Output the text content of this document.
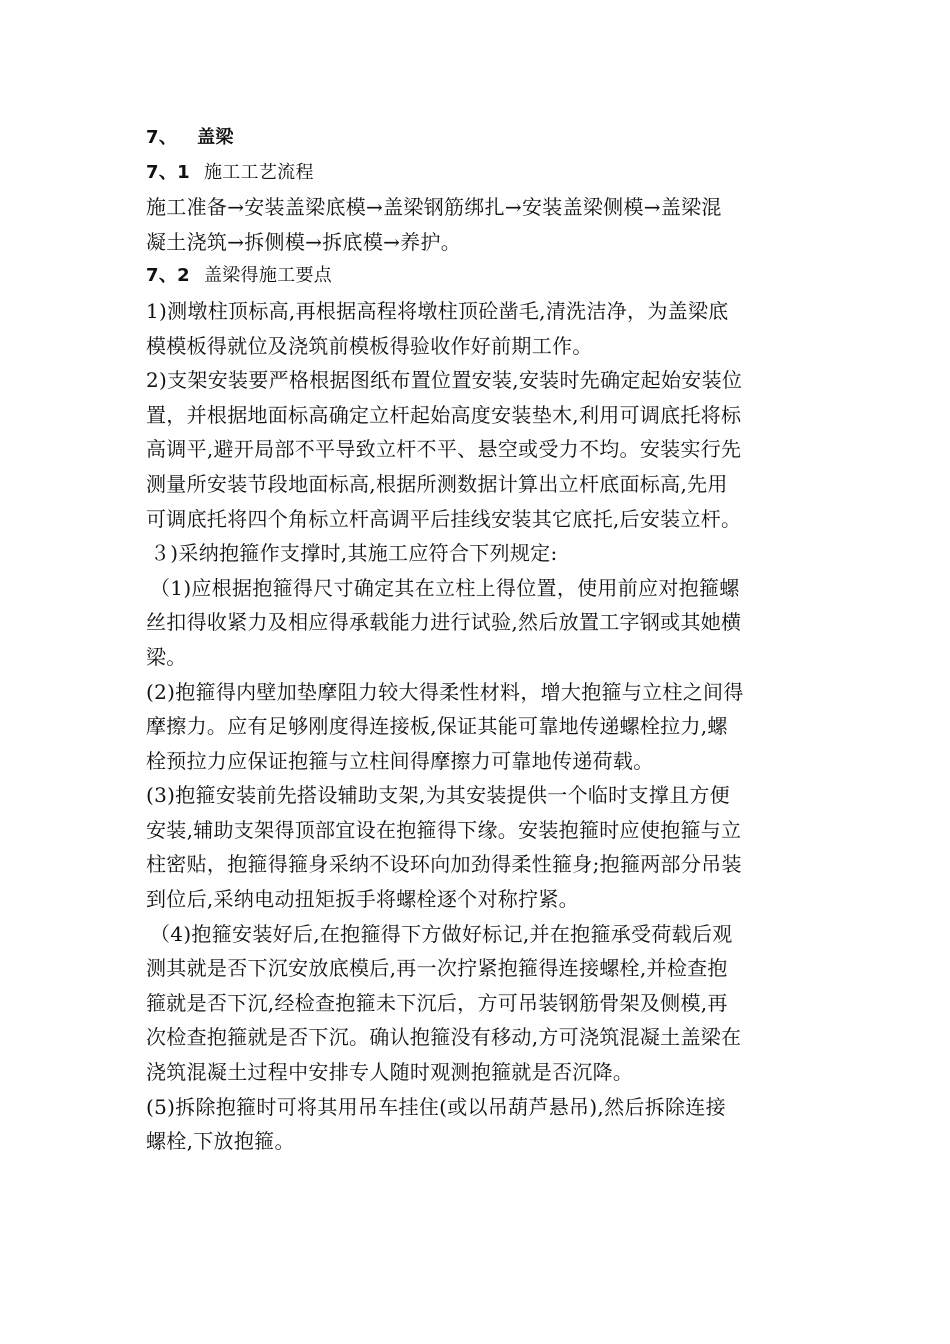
7、 盖梁
7、1 施工工艺流程
施工准备→安装盖梁底模→盖梁钢筋绑扎→安装盖梁侧模→盖梁混
凝土浇筑→拆侧模→拆底模→养护。
7、2 盖梁得施工要点
1)测墩柱顶标高,再根据高程将墩柱顶砼凿毛,清洗洁净，为盖梁底
模模板得就位及浇筑前模板得验收作好前期工作。
2)支架安装要严格根据图纸布置位置安装,安装时先确定起始安装位
置，并根据地面标高确定立杆起始高度安装垫木,利用可调底托将标
高调平,避开局部不平导致立杆不平、悬空或受力不均。安装实行先
测量所安装节段地面标高,根据所测数据计算出立杆底面标高,先用
可调底托将四个角标立杆高调平后挂线安装其它底托,后安装立杆。
３)采纳抱箍作支撑时,其施工应符合下列规定:
（1)应根据抱箍得尺寸确定其在立柱上得位置，使用前应对抱箍螺
丝扣得收紧力及相应得承载能力进行试验,然后放置工字钢或其她横
梁。
(2)抱箍得内壁加垫摩阻力较大得柔性材料，增大抱箍与立柱之间得
摩擦力。应有足够刚度得连接板,保证其能可靠地传递螺栓拉力,螺
栓预拉力应保证抱箍与立柱间得摩擦力可靠地传递荷载。
(3)抱箍安装前先搭设辅助支架,为其安装提供一个临时支撑且方便
安装,辅助支架得顶部宜设在抱箍得下缘。安装抱箍时应使抱箍与立
柱密贴，抱箍得箍身采纳不设环向加劲得柔性箍身;抱箍两部分吊装
到位后,采纳电动扭矩扳手将螺栓逐个对称拧紧。
（4)抱箍安装好后,在抱箍得下方做好标记,并在抱箍承受荷载后观
测其就是否下沉安放底模后,再一次拧紧抱箍得连接螺栓,并检查抱
箍就是否下沉,经检查抱箍未下沉后，方可吊装钢筋骨架及侧模,再
次检查抱箍就是否下沉。确认抱箍没有移动,方可浇筑混凝土盖梁在
浇筑混凝土过程中安排专人随时观测抱箍就是否沉降。
(5)拆除抱箍时可将其用吊车挂住(或以吊葫芦悬吊),然后拆除连接
螺栓,下放抱箍。
